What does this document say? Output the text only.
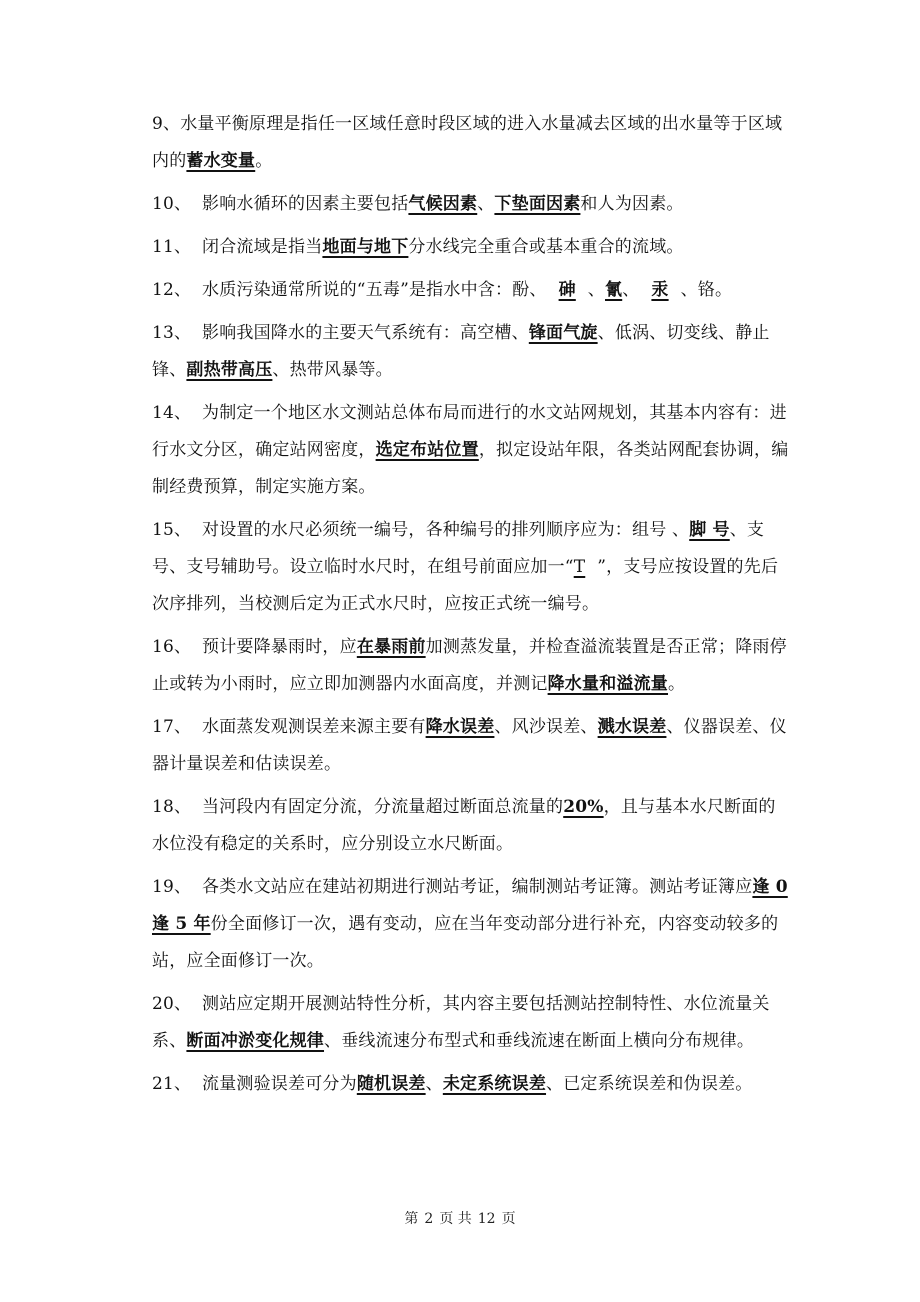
9、水量平衡原理是指任一区域任意时段区域的进入水量减去区域的出水量等于区域内的蓄水变量。

10、 影响水循环的因素主要包括气候因素、下垫面因素和人为因素。

11、 闭合流域是指当地面与地下分水线完全重合或基本重合的流域。

12、 水质污染通常所说的“五毒”是指水中含：酚、 砷 、氰、 汞 、铬。

13、 影响我国降水的主要天气系统有：高空槽、锋面气旋、低涡、切变线、静止锋、副热带高压、热带风暴等。

14、 为制定一个地区水文测站总体布局而进行的水文站网规划，其基本内容有：进行水文分区，确定站网密度，选定布站位置，拟定设站年限，各类站网配套协调，编制经费预算，制定实施方案。

15、 对设置的水尺必须统一编号，各种编号的排列顺序应为：组号 、脚 号、支号、支号辅助号。设立临时水尺时，在组号前面应加一“T ”，支号应按设置的先后次序排列，当校测后定为正式水尺时，应按正式统一编号。

16、 预计要降暴雨时，应在暴雨前加测蒸发量，并检查溢流装置是否正常；降雨停止或转为小雨时，应立即加测器内水面高度，并测记降水量和溢流量。

17、 水面蒸发观测误差来源主要有降水误差、风沙误差、溅水误差、仪器误差、仪器计量误差和估读误差。

18、 当河段内有固定分流，分流量超过断面总流量的20%，且与基本水尺断面的水位没有稳定的关系时，应分别设立水尺断面。

19、 各类水文站应在建站初期进行测站考证，编制测站考证簿。测站考证簿应逢 0 逢 5 年份全面修订一次，遇有变动，应在当年变动部分进行补充，内容变动较多的站，应全面修订一次。

20、 测站应定期开展测站特性分析，其内容主要包括测站控制特性、水位流量关系、断面冲淤变化规律、垂线流速分布型式和垂线流速在断面上横向分布规律。

21、 流量测验误差可分为随机误差、未定系统误差、已定系统误差和伪误差。

第 2 页 共 12 页
